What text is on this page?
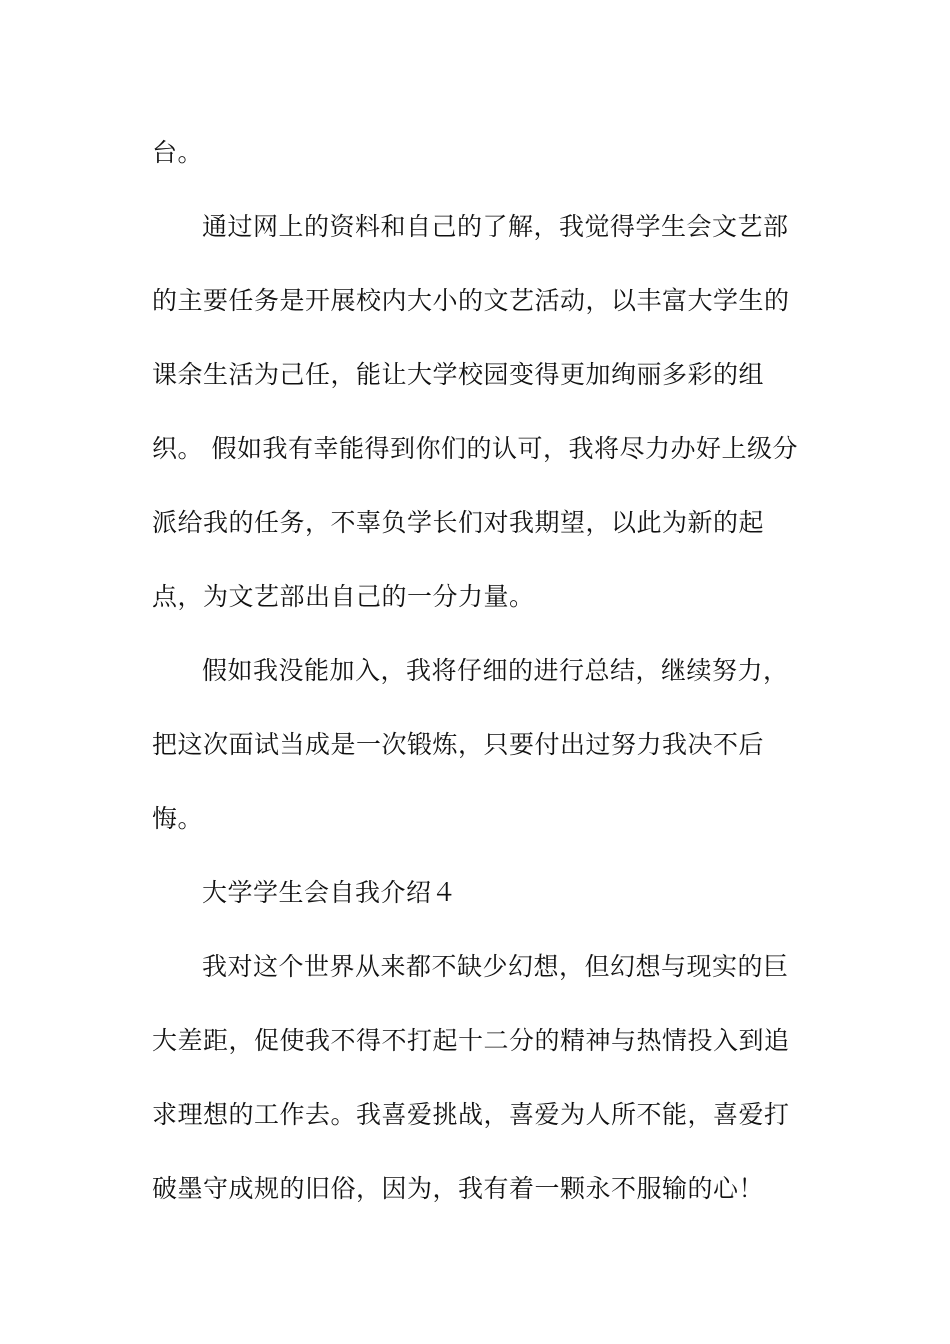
台。
通过网上的资料和自己的了解，我觉得学生会文艺部
的主要任务是开展校内大小的文艺活动，以丰富大学生的
课余生活为己任，能让大学校园变得更加绚丽多彩的组
织。 假如我有幸能得到你们的认可，我将尽力办好上级分
派给我的任务，不辜负学长们对我期望，以此为新的起
点，为文艺部出自己的一分力量。
假如我没能加入，我将仔细的进行总结，继续努力，
把这次面试当成是一次锻炼，只要付出过努力我决不后
悔。
大学学生会自我介绍４
我对这个世界从来都不缺少幻想，但幻想与现实的巨
大差距，促使我不得不打起十二分的精神与热情投入到追
求理想的工作去。我喜爱挑战，喜爱为人所不能，喜爱打
破墨守成规的旧俗，因为，我有着一颗永不服输的心！
